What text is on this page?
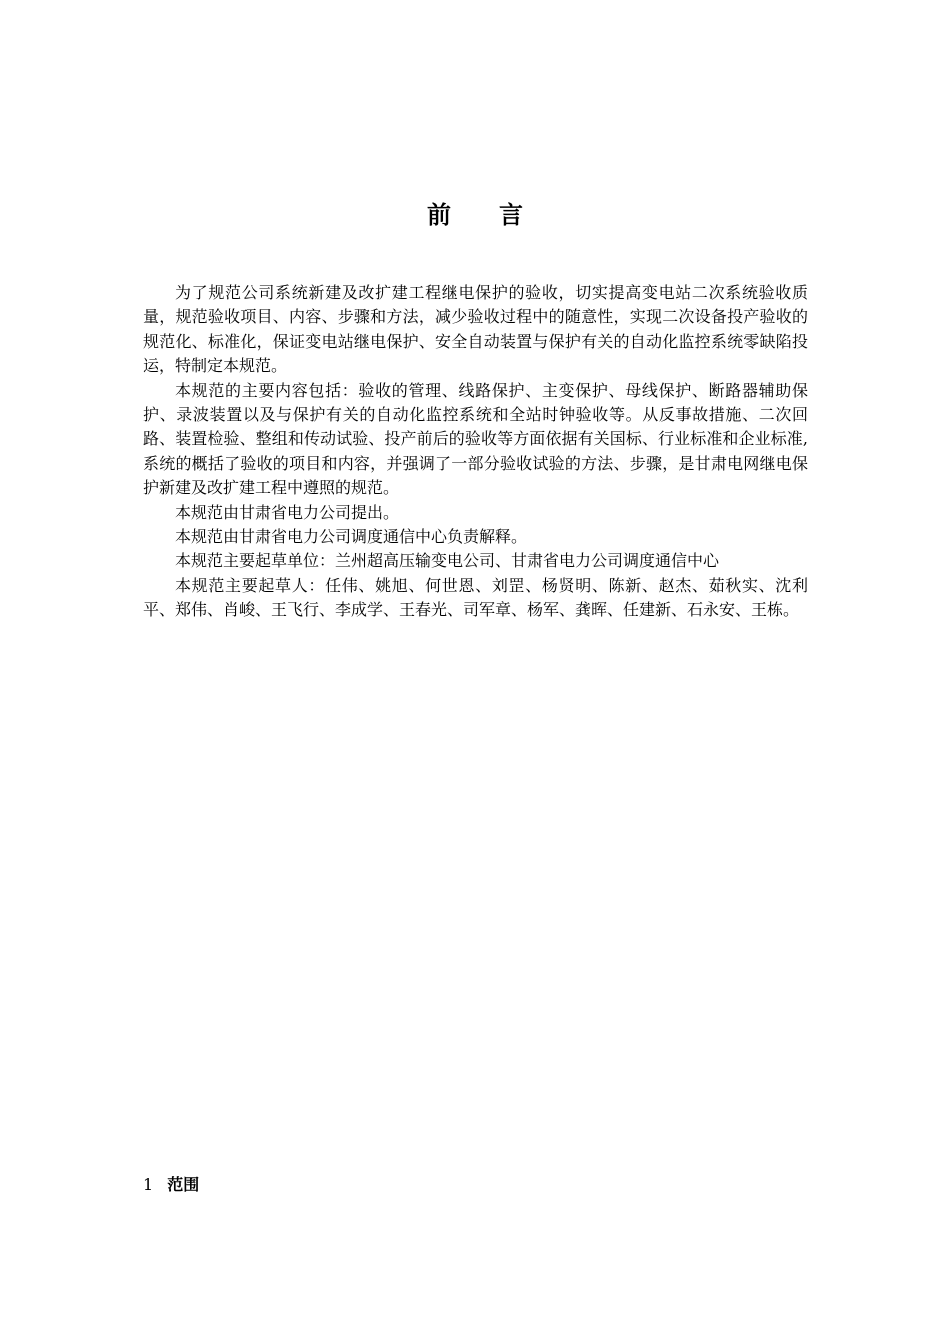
前 言

为了规范公司系统新建及改扩建工程继电保护的验收，切实提高变电站二次系统验收质量，规范验收项目、内容、步骤和方法，减少验收过程中的随意性，实现二次设备投产验收的规范化、标准化，保证变电站继电保护、安全自动装置与保护有关的自动化监控系统零缺陷投运，特制定本规范。

本规范的主要内容包括：验收的管理、线路保护、主变保护、母线保护、断路器辅助保护、录波装置以及与保护有关的自动化监控系统和全站时钟验收等。从反事故措施、二次回路、装置检验、整组和传动试验、投产前后的验收等方面依据有关国标、行业标准和企业标准,系统的概括了验收的项目和内容，并强调了一部分验收试验的方法、步骤，是甘肃电网继电保护新建及改扩建工程中遵照的规范。

本规范由甘肃省电力公司提出。

本规范由甘肃省电力公司调度通信中心负责解释。

本规范主要起草单位：兰州超高压输变电公司、甘肃省电力公司调度通信中心

本规范主要起草人：任伟、姚旭、何世恩、刘罡、杨贤明、陈新、赵杰、茹秋实、沈利平、郑伟、肖峻、王飞行、李成学、王春光、司军章、杨军、龚晖、任建新、石永安、王栋。

1 范围
